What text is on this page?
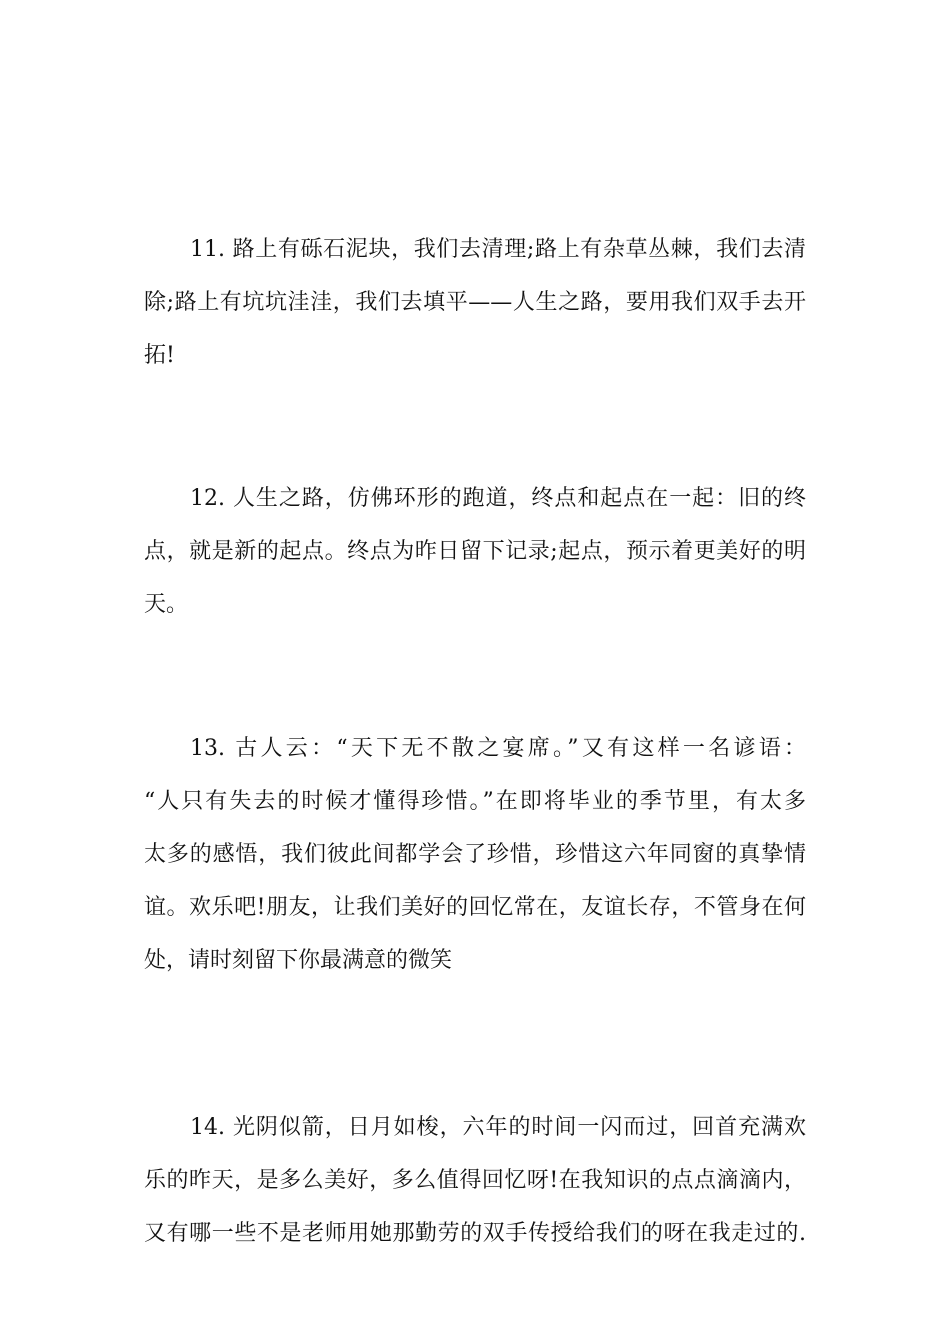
11. 路上有砾石泥块，我们去清理;路上有杂草丛棘，我们去清
除;路上有坑坑洼洼，我们去填平——人生之路，要用我们双手去开
拓!
12. 人生之路，仿佛环形的跑道，终点和起点在一起：旧的终
点，就是新的起点。终点为昨日留下记录;起点，预示着更美好的明
天。
13. 古人云：“天下无不散之宴席。”又有这样一名谚语：
“人只有失去的时候才懂得珍惜。”在即将毕业的季节里，有太多
太多的感悟，我们彼此间都学会了珍惜，珍惜这六年同窗的真挚情
谊。欢乐吧!朋友，让我们美好的回忆常在，友谊长存，不管身在何
处，请时刻留下你最满意的微笑
14. 光阴似箭，日月如梭，六年的时间一闪而过，回首充满欢
乐的昨天，是多么美好，多么值得回忆呀!在我知识的点点滴滴内，
又有哪一些不是老师用她那勤劳的双手传授给我们的呀在我走过的.
